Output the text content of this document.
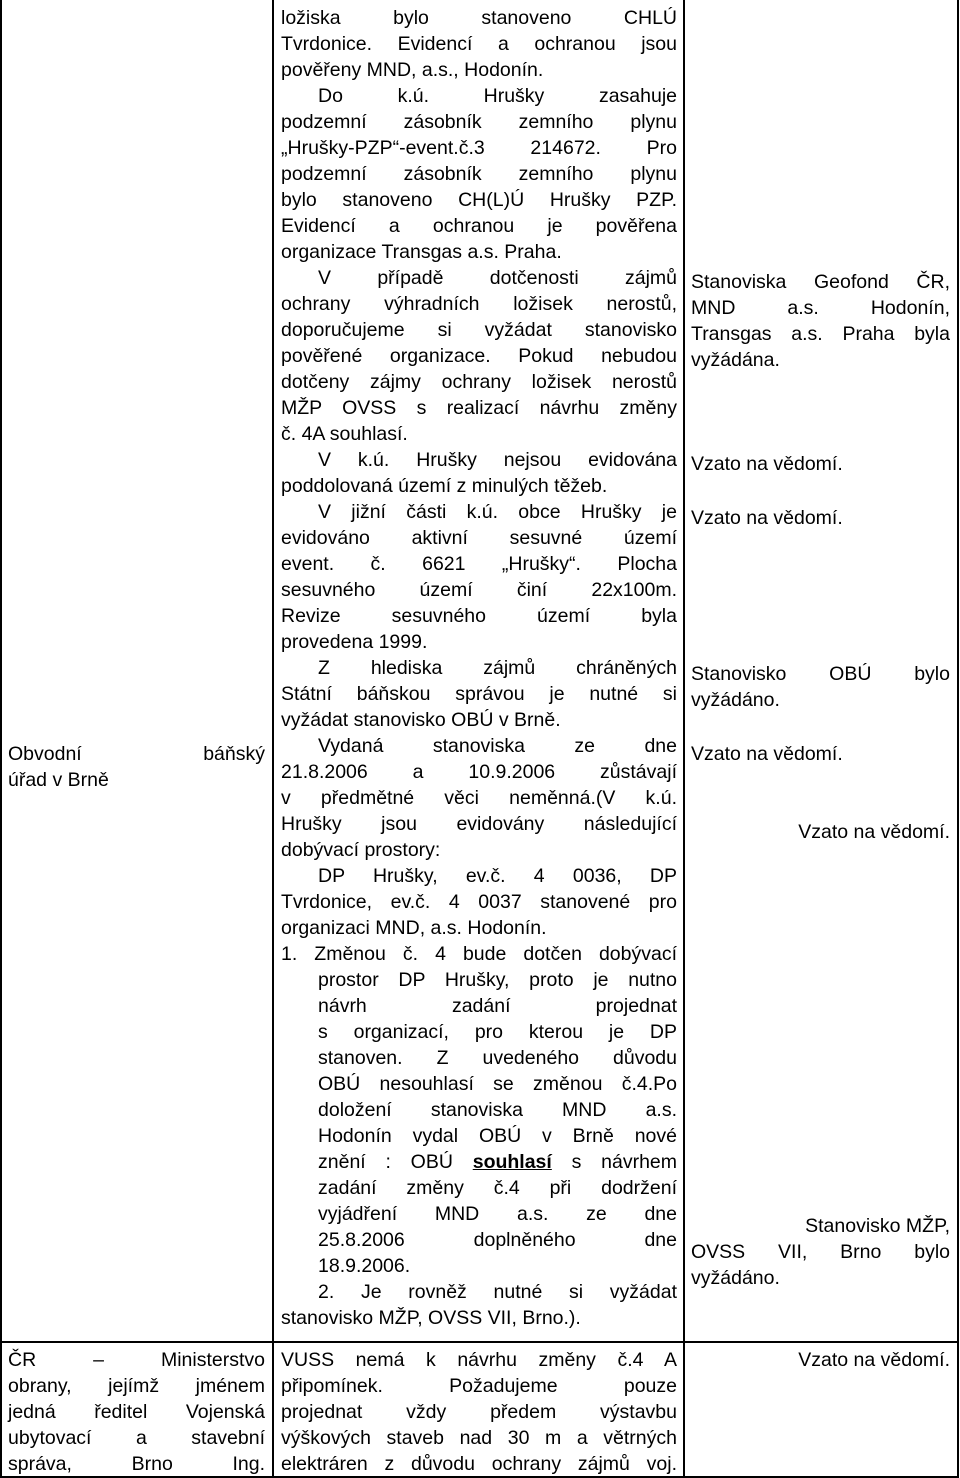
Obvodní báňský
úřad v Brně
ČR – Ministerstvo
obrany, jejímž jménem
jedná ředitel Vojenská
ubytovací a stavební
správa, Brno Ing.
ložiska bylo stanoveno CHLÚ
Tvrdonice. Evidencí a ochranou jsou
pověřeny MND, a.s., Hodonín.
Do k.ú. Hrušky zasahuje
podzemní zásobník zemního plynu
„Hrušky-PZP“-event.č.3 214672. Pro
podzemní zásobník zemního plynu
bylo stanoveno CH(L)Ú Hrušky PZP.
Evidencí a ochranou je pověřena
organizace Transgas a.s. Praha.
V případě dotčenosti zájmů
ochrany výhradních ložisek nerostů,
doporučujeme si vyžádat stanovisko
pověřené organizace. Pokud nebudou
dotčeny zájmy ochrany ložisek nerostů
MŽP OVSS s realizací návrhu změny
č. 4A souhlasí.
V k.ú. Hrušky nejsou evidována
poddolovaná území z minulých těžeb.
V jižní části k.ú. obce Hrušky je
evidováno aktivní sesuvné území
event. č. 6621 „Hrušky“. Plocha
sesuvného území činí 22x100m.
Revize sesuvného území byla
provedena 1999.
Z hlediska zájmů chráněných
Státní báňskou správou je nutné si
vyžádat stanovisko OBÚ v Brně.
Vydaná stanoviska ze dne
21.8.2006 a 10.9.2006 zůstávají
v předmětné věci neměnná.(V k.ú.
Hrušky jsou evidovány následující
dobývací prostory:
DP Hrušky, ev.č. 4 0036, DP
Tvrdonice, ev.č. 4 0037 stanovené pro
organizaci MND, a.s. Hodonín.
1. Změnou č. 4 bude dotčen dobývací
prostor DP Hrušky, proto je nutno
návrh zadání projednat
s organizací, pro kterou je DP
stanoven. Z uvedeného důvodu
OBÚ nesouhlasí se změnou č.4.Po
doložení stanoviska MND a.s.
Hodonín vydal OBÚ v Brně nové
znění : OBÚ souhlasí s návrhem
zadání změny č.4 při dodržení
vyjádření MND a.s. ze dne
25.8.2006 doplněného dne
18.9.2006.
2. Je rovněž nutné si vyžádat
stanovisko MŽP, OVSS VII, Brno.).
VUSS nemá k návrhu změny č.4 A
připomínek. Požadujeme pouze
projednat vždy předem výstavbu
výškových staveb nad 30 m a větrných
elektráren z důvodu ochrany zájmů voj.
Stanoviska Geofond ČR,
MND a.s. Hodonín,
Transgas a.s. Praha byla
vyžádána.
Vzato na vědomí.
Vzato na vědomí.
Stanovisko OBÚ bylo
vyžádáno.
Vzato na vědomí.
Vzato na vědomí.
Stanovisko MŽP,
OVSS VII, Brno bylo
vyžádáno.
Vzato na vědomí.
